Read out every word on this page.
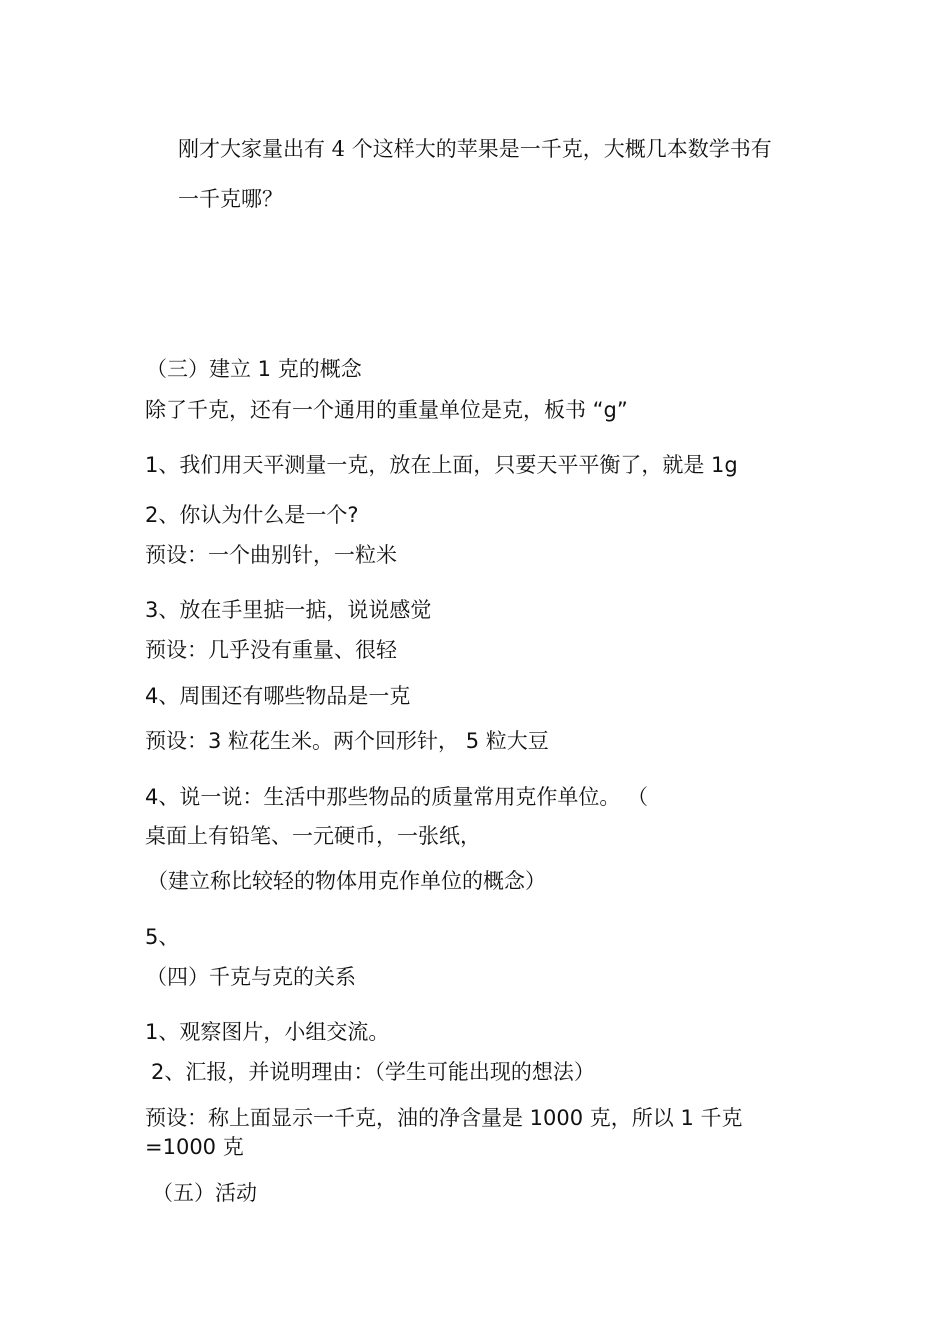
刚才大家量出有 4 个这样大的苹果是一千克，大概几本数学书有
一千克哪？
（三）建立 1 克的概念
除了千克，还有一个通用的重量单位是克，板书 “g”
1、我们用天平测量一克，放在上面，只要天平平衡了，就是 1g
2、你认为什么是一个?
预设：一个曲别针，一粒米
3、放在手里掂一掂，说说感觉
预设：几乎没有重量、很轻
4、周围还有哪些物品是一克
预设：3 粒花生米。两个回形针， 5 粒大豆
4、说一说：生活中那些物品的质量常用克作单位。 （
桌面上有铅笔、一元硬币，一张纸，
（建立称比较轻的物体用克作单位的概念）
5、
（四）千克与克的关系
1、观察图片，小组交流。
2、汇报，并说明理由：（学生可能出现的想法）
预设：称上面显示一千克，油的净含量是 1000 克，所以 1 千克
=1000 克
（五）活动
